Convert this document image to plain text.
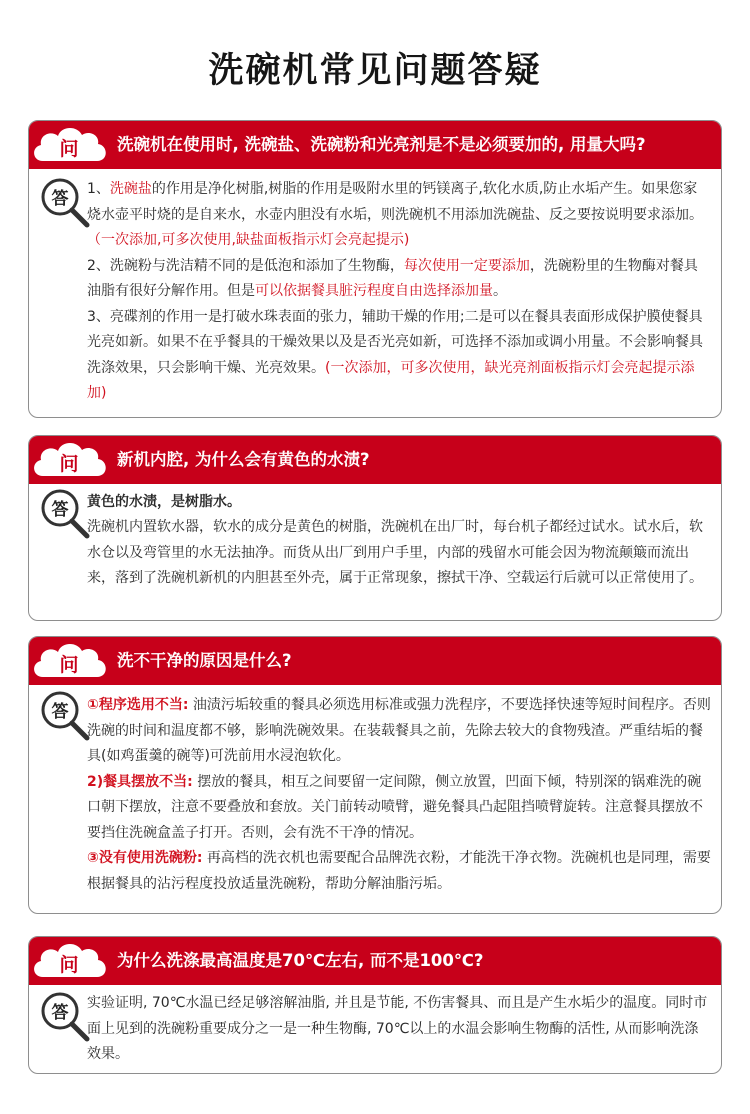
洗碗机常见问题答疑
问 洗碗机在使用时, 洗碗盐、洗碗粉和光亮剂是不是必须要加的, 用量大吗?
答 1、洗碗盐的作用是净化树脂,树脂的作用是吸附水里的钙镁离子,软化水质,防止水垢产生。如果您家烧水壶平时烧的是自来水，水壶内胆没有水垢，则洗碗机不用添加洗碗盐、反之要按说明要求添加。（一次添加,可多次使用,缺盐面板指示灯会亮起提示)

2、洗碗粉与洗洁精不同的是低泡和添加了生物酶，每次使用一定要添加，洗碗粉里的生物酶对餐具油脂有很好分解作用。但是可以依据餐具脏污程度自由选择添加量。

3、亮碟剂的作用一是打破水珠表面的张力，辅助干燥的作用;二是可以在餐具表面形成保护膜使餐具光亮如新。如果不在乎餐具的干燥效果以及是否光亮如新，可选择不添加或调小用量。不会影响餐具洗涤效果，只会影响干燥、光亮效果。(一次添加，可多次使用，缺光亮剂面板指示灯会亮起提示添加)

问 新机内腔, 为什么会有黄色的水渍?
答 黄色的水渍，是树脂水。

洗碗机内置软水器，软水的成分是黄色的树脂，洗碗机在出厂时，每台机子都经过试水。试水后，软水仓以及弯管里的水无法抽净。而货从出厂到用户手里，内部的残留水可能会因为物流颠簸而流出来，落到了洗碗机新机的内胆甚至外壳，属于正常现象，擦拭干净、空载运行后就可以正常使用了。

问 洗不干净的原因是什么?
答 ①程序选用不当: 油渍污垢较重的餐具必须选用标准或强力洗程序，不要选择快速等短时间程序。否则洗碗的时间和温度都不够，影响洗碗效果。在装载餐具之前，先除去较大的食物残渣。严重结垢的餐具(如鸡蛋羹的碗等)可洗前用水浸泡软化。

2)餐具摆放不当: 摆放的餐具，相互之间要留一定间隙，侧立放置，凹面下倾，特别深的锅难洗的碗口朝下摆放，注意不要叠放和套放。关门前转动喷臂，避免餐具凸起阻挡喷臂旋转。注意餐具摆放不要挡住洗碗盒盖子打开。否则，会有洗不干净的情况。

③没有使用洗碗粉: 再高档的洗衣机也需要配合品牌洗衣粉，才能洗干净衣物。洗碗机也是同理，需要根据餐具的沾污程度投放适量洗碗粉，帮助分解油脂污垢。

问 为什么洗涤最高温度是70℃左右, 而不是100℃?
答 实验证明, 70℃水温已经足够溶解油脂, 并且是节能, 不伤害餐具、而且是产生水垢少的温度。同时市面上见到的洗碗粉重要成分之一是一种生物酶, 70℃以上的水温会影响生物酶的活性, 从而影响洗涤效果。
